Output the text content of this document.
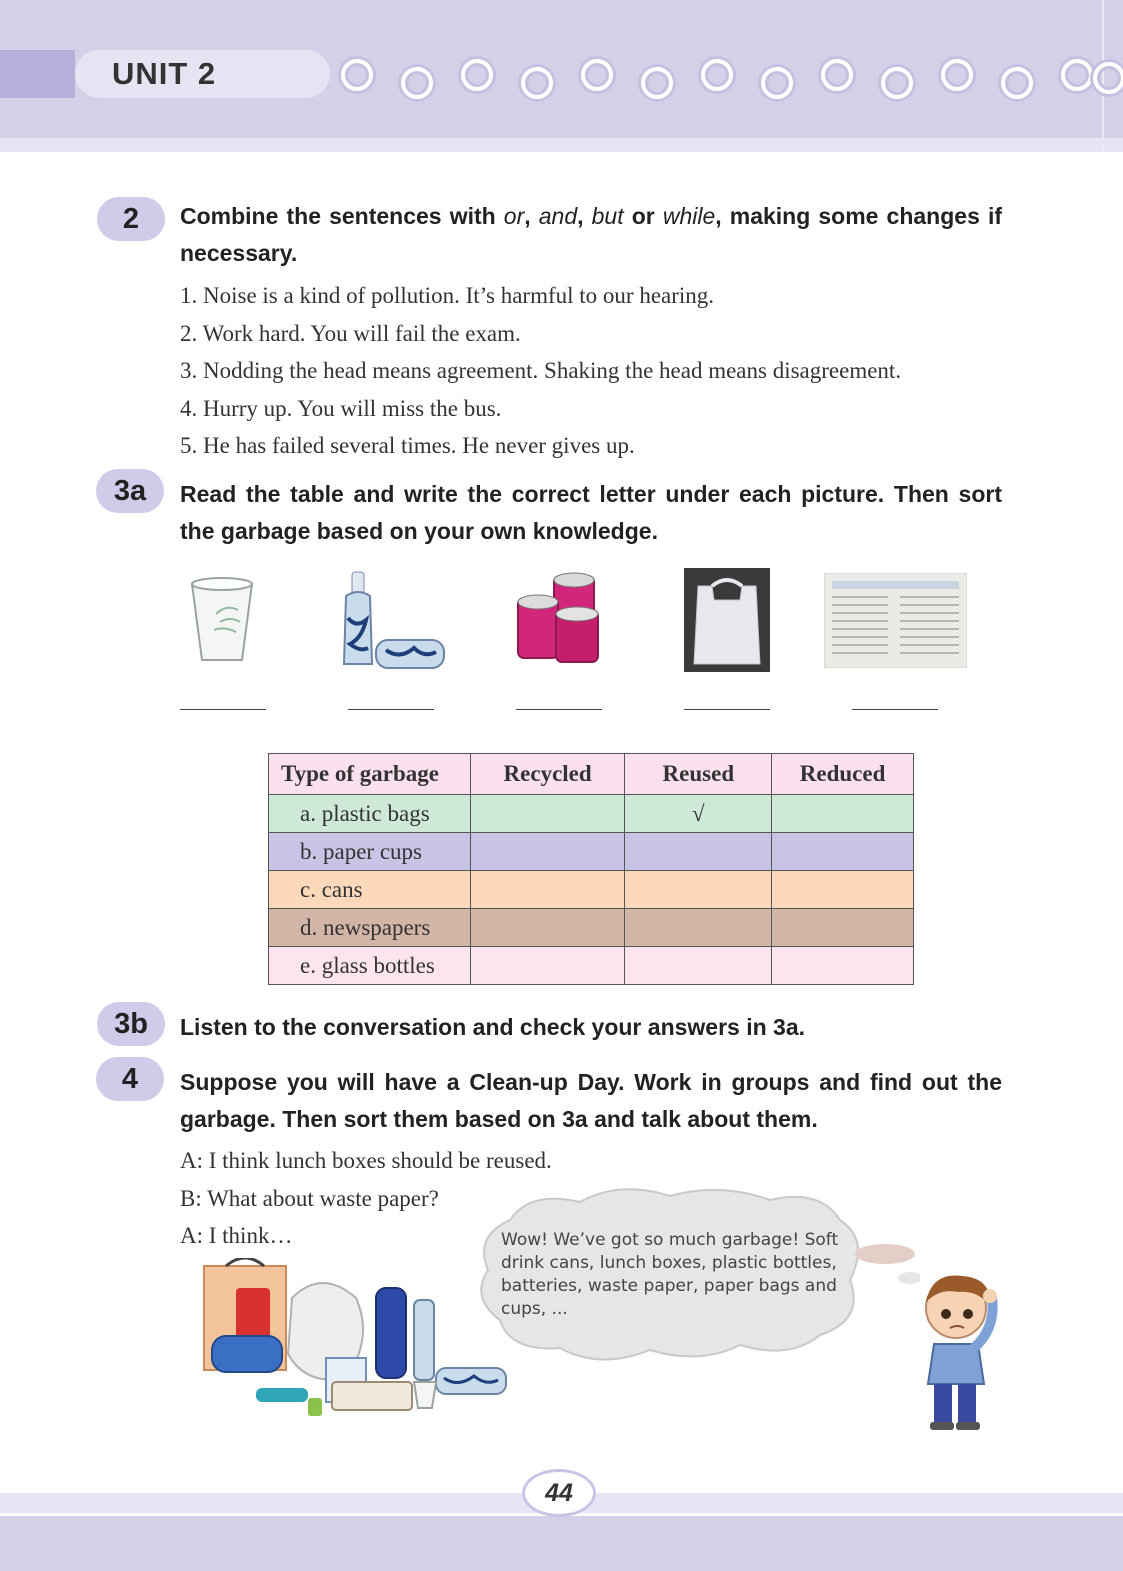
UNIT 2
2	Combine the sentences with or, and, but or while, making some changes if necessary.
1. Noise is a kind of pollution. It’s harmful to our hearing.
2. Work hard. You will fail the exam.
3. Nodding the head means agreement. Shaking the head means disagreement.
4. Hurry up. You will miss the bus.
5. He has failed several times. He never gives up.
3a	Read the table and write the correct letter under each picture. Then sort the garbage based on your own knowledge.
Type of garbage	Recycled	Reused	Reduced
a. plastic bags		√	
b. paper cups			
c. cans			
d. newspapers			
e. glass bottles			
3b	Listen to the conversation and check your answers in 3a.
4	Suppose you will have a Clean-up Day. Work in groups and find out the garbage. Then sort them based on 3a and talk about them.
A: I think lunch boxes should be reused.
B: What about waste paper?
A: I think…	Wow! We’ve got so much garbage! Soft drink cans, lunch boxes, plastic bottles, batteries, waste paper, paper bags and cups, ...
44
